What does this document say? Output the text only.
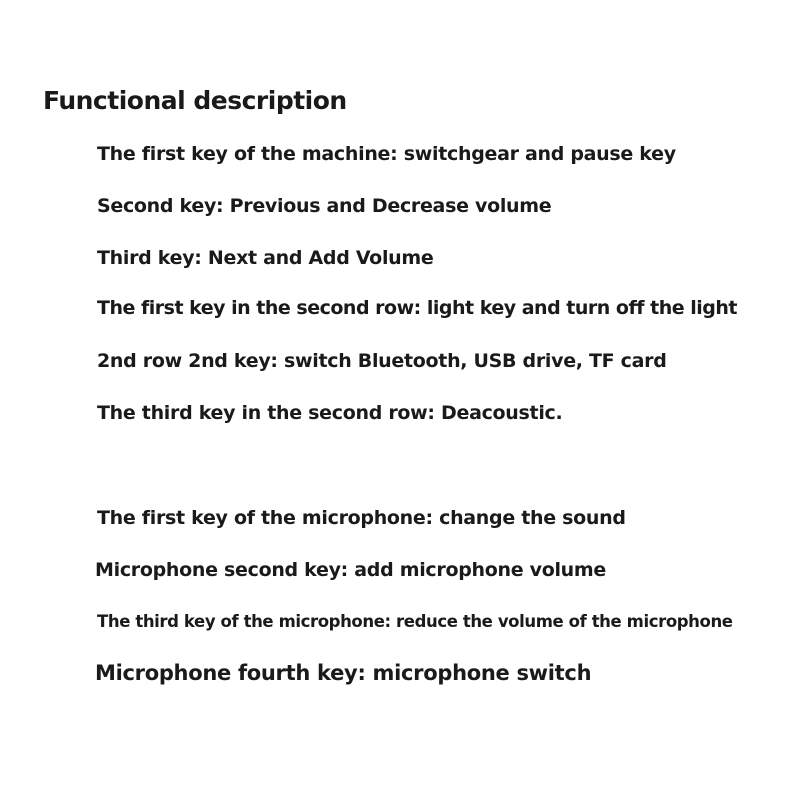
Functional description
The first key of the machine: switchgear and pause key
Second key: Previous and Decrease volume
Third key: Next and Add Volume
The first key in the second row: light key and turn off the light
2nd row 2nd key: switch Bluetooth, USB drive, TF card
The third key in the second row: Deacoustic.
The first key of the microphone: change the sound
Microphone second key: add microphone volume
The third key of the microphone: reduce the volume of the microphone
Microphone fourth key: microphone switch
